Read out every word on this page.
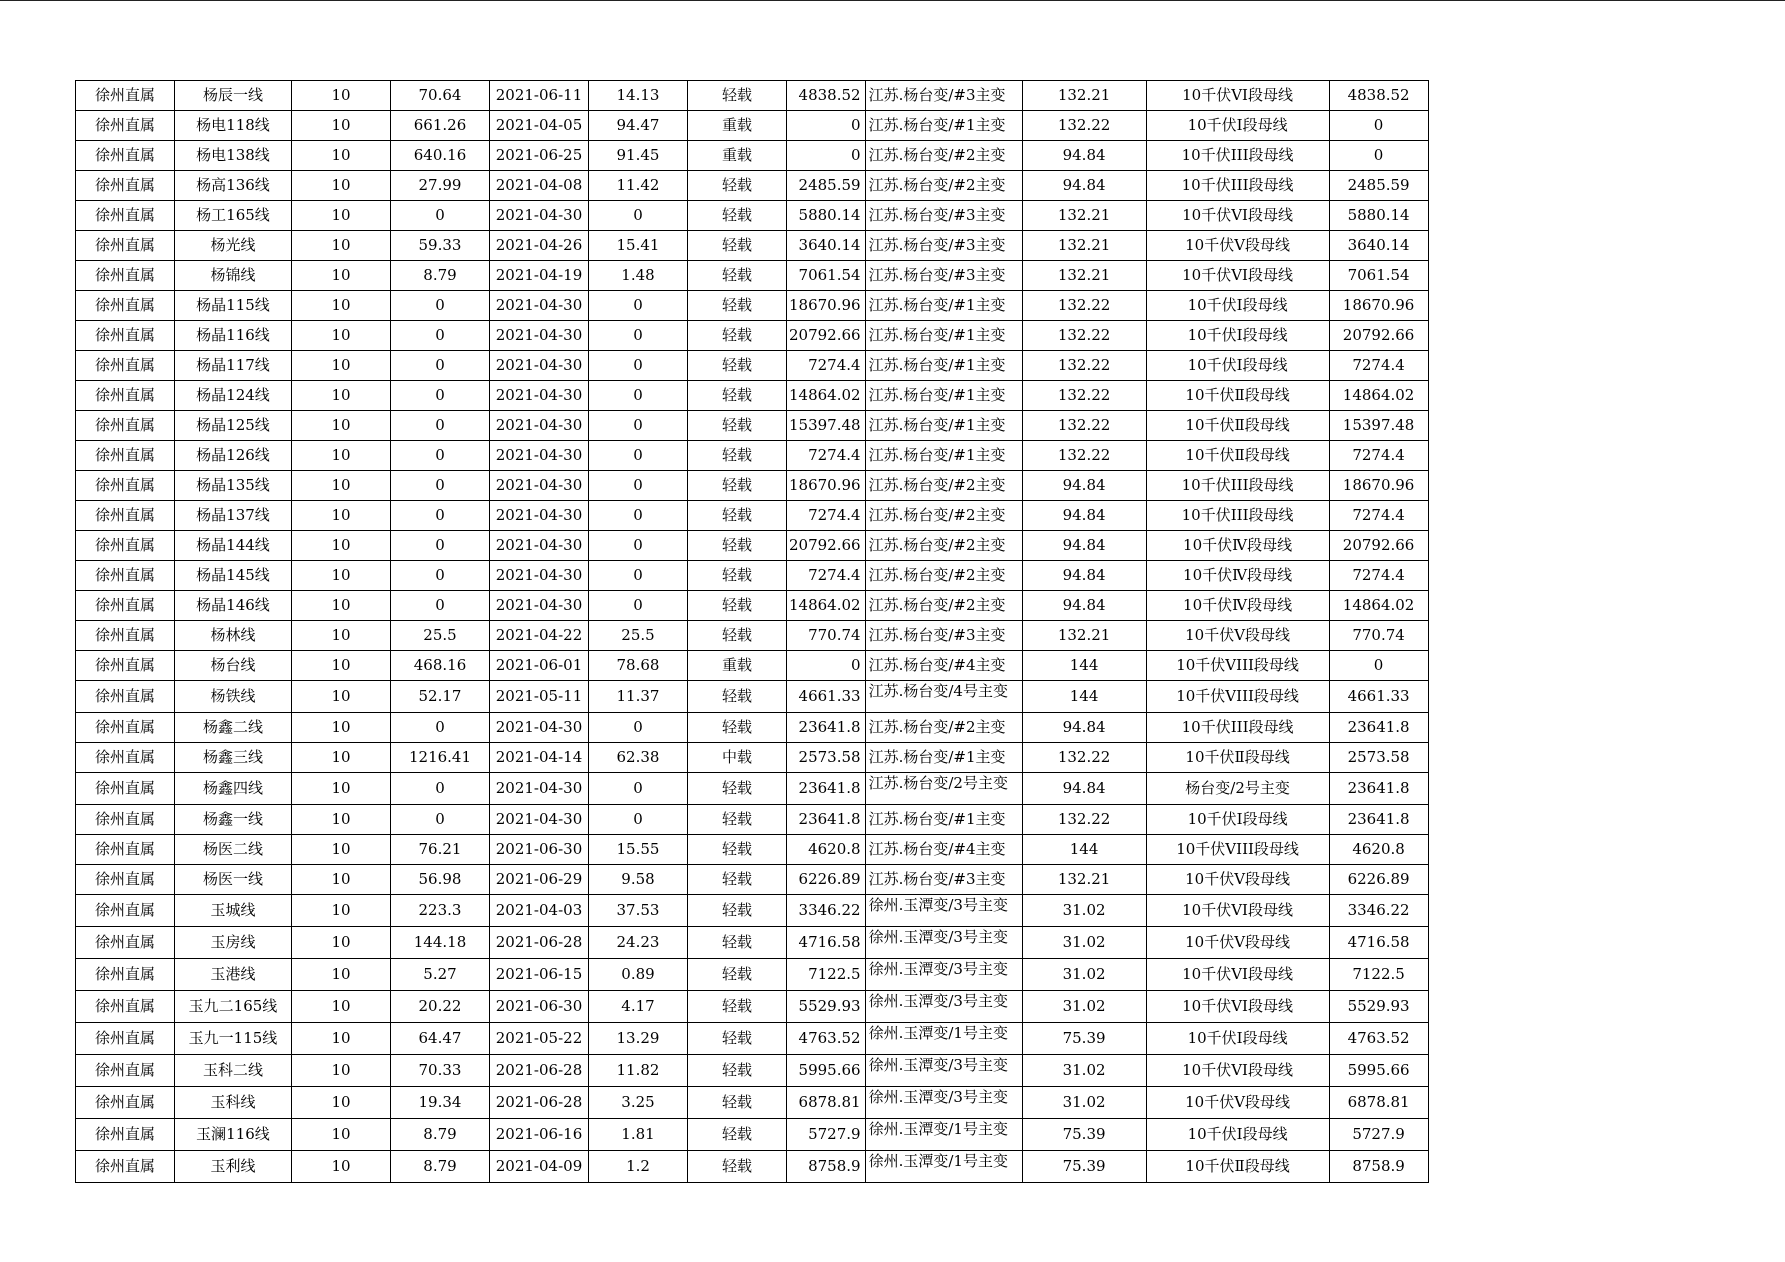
徐州直属	杨辰一线	10	70.64	2021-06-11	14.13	轻载	4838.52	江苏.杨台变/#3主变	132.21	10千伏VI段母线	4838.52
徐州直属	杨电118线	10	661.26	2021-04-05	94.47	重载	0	江苏.杨台变/#1主变	132.22	10千伏Ⅰ段母线	0
徐州直属	杨电138线	10	640.16	2021-06-25	91.45	重载	0	江苏.杨台变/#2主变	94.84	10千伏III段母线	0
徐州直属	杨高136线	10	27.99	2021-04-08	11.42	轻载	2485.59	江苏.杨台变/#2主变	94.84	10千伏III段母线	2485.59
徐州直属	杨工165线	10	0	2021-04-30	0	轻载	5880.14	江苏.杨台变/#3主变	132.21	10千伏VI段母线	5880.14
徐州直属	杨光线	10	59.33	2021-04-26	15.41	轻载	3640.14	江苏.杨台变/#3主变	132.21	10千伏Ⅴ段母线	3640.14
徐州直属	杨锦线	10	8.79	2021-04-19	1.48	轻载	7061.54	江苏.杨台变/#3主变	132.21	10千伏VI段母线	7061.54
徐州直属	杨晶115线	10	0	2021-04-30	0	轻载	18670.96	江苏.杨台变/#1主变	132.22	10千伏Ⅰ段母线	18670.96
徐州直属	杨晶116线	10	0	2021-04-30	0	轻载	20792.66	江苏.杨台变/#1主变	132.22	10千伏Ⅰ段母线	20792.66
徐州直属	杨晶117线	10	0	2021-04-30	0	轻载	7274.4	江苏.杨台变/#1主变	132.22	10千伏Ⅰ段母线	7274.4
徐州直属	杨晶124线	10	0	2021-04-30	0	轻载	14864.02	江苏.杨台变/#1主变	132.22	10千伏Ⅱ段母线	14864.02
徐州直属	杨晶125线	10	0	2021-04-30	0	轻载	15397.48	江苏.杨台变/#1主变	132.22	10千伏Ⅱ段母线	15397.48
徐州直属	杨晶126线	10	0	2021-04-30	0	轻载	7274.4	江苏.杨台变/#1主变	132.22	10千伏Ⅱ段母线	7274.4
徐州直属	杨晶135线	10	0	2021-04-30	0	轻载	18670.96	江苏.杨台变/#2主变	94.84	10千伏III段母线	18670.96
徐州直属	杨晶137线	10	0	2021-04-30	0	轻载	7274.4	江苏.杨台变/#2主变	94.84	10千伏III段母线	7274.4
徐州直属	杨晶144线	10	0	2021-04-30	0	轻载	20792.66	江苏.杨台变/#2主变	94.84	10千伏Ⅳ段母线	20792.66
徐州直属	杨晶145线	10	0	2021-04-30	0	轻载	7274.4	江苏.杨台变/#2主变	94.84	10千伏Ⅳ段母线	7274.4
徐州直属	杨晶146线	10	0	2021-04-30	0	轻载	14864.02	江苏.杨台变/#2主变	94.84	10千伏Ⅳ段母线	14864.02
徐州直属	杨林线	10	25.5	2021-04-22	25.5	轻载	770.74	江苏.杨台变/#3主变	132.21	10千伏Ⅴ段母线	770.74
徐州直属	杨台线	10	468.16	2021-06-01	78.68	重载	0	江苏.杨台变/#4主变	144	10千伏VIII段母线	0
徐州直属	杨铁线	10	52.17	2021-05-11	11.37	轻载	4661.33	江苏.杨台变/4号主变	144	10千伏VIII段母线	4661.33
徐州直属	杨鑫二线	10	0	2021-04-30	0	轻载	23641.8	江苏.杨台变/#2主变	94.84	10千伏III段母线	23641.8
徐州直属	杨鑫三线	10	1216.41	2021-04-14	62.38	中载	2573.58	江苏.杨台变/#1主变	132.22	10千伏Ⅱ段母线	2573.58
徐州直属	杨鑫四线	10	0	2021-04-30	0	轻载	23641.8	江苏.杨台变/2号主变	94.84	杨台变/2号主变	23641.8
徐州直属	杨鑫一线	10	0	2021-04-30	0	轻载	23641.8	江苏.杨台变/#1主变	132.22	10千伏Ⅰ段母线	23641.8
徐州直属	杨医二线	10	76.21	2021-06-30	15.55	轻载	4620.8	江苏.杨台变/#4主变	144	10千伏VIII段母线	4620.8
徐州直属	杨医一线	10	56.98	2021-06-29	9.58	轻载	6226.89	江苏.杨台变/#3主变	132.21	10千伏Ⅴ段母线	6226.89
徐州直属	玉城线	10	223.3	2021-04-03	37.53	轻载	3346.22	徐州.玉潭变/3号主变	31.02	10千伏VI段母线	3346.22
徐州直属	玉房线	10	144.18	2021-06-28	24.23	轻载	4716.58	徐州.玉潭变/3号主变	31.02	10千伏Ⅴ段母线	4716.58
徐州直属	玉港线	10	5.27	2021-06-15	0.89	轻载	7122.5	徐州.玉潭变/3号主变	31.02	10千伏VI段母线	7122.5
徐州直属	玉九二165线	10	20.22	2021-06-30	4.17	轻载	5529.93	徐州.玉潭变/3号主变	31.02	10千伏VI段母线	5529.93
徐州直属	玉九一115线	10	64.47	2021-05-22	13.29	轻载	4763.52	徐州.玉潭变/1号主变	75.39	10千伏Ⅰ段母线	4763.52
徐州直属	玉科二线	10	70.33	2021-06-28	11.82	轻载	5995.66	徐州.玉潭变/3号主变	31.02	10千伏VI段母线	5995.66
徐州直属	玉科线	10	19.34	2021-06-28	3.25	轻载	6878.81	徐州.玉潭变/3号主变	31.02	10千伏Ⅴ段母线	6878.81
徐州直属	玉澜116线	10	8.79	2021-06-16	1.81	轻载	5727.9	徐州.玉潭变/1号主变	75.39	10千伏Ⅰ段母线	5727.9
徐州直属	玉利线	10	8.79	2021-04-09	1.2	轻载	8758.9	徐州.玉潭变/1号主变	75.39	10千伏Ⅱ段母线	8758.9
